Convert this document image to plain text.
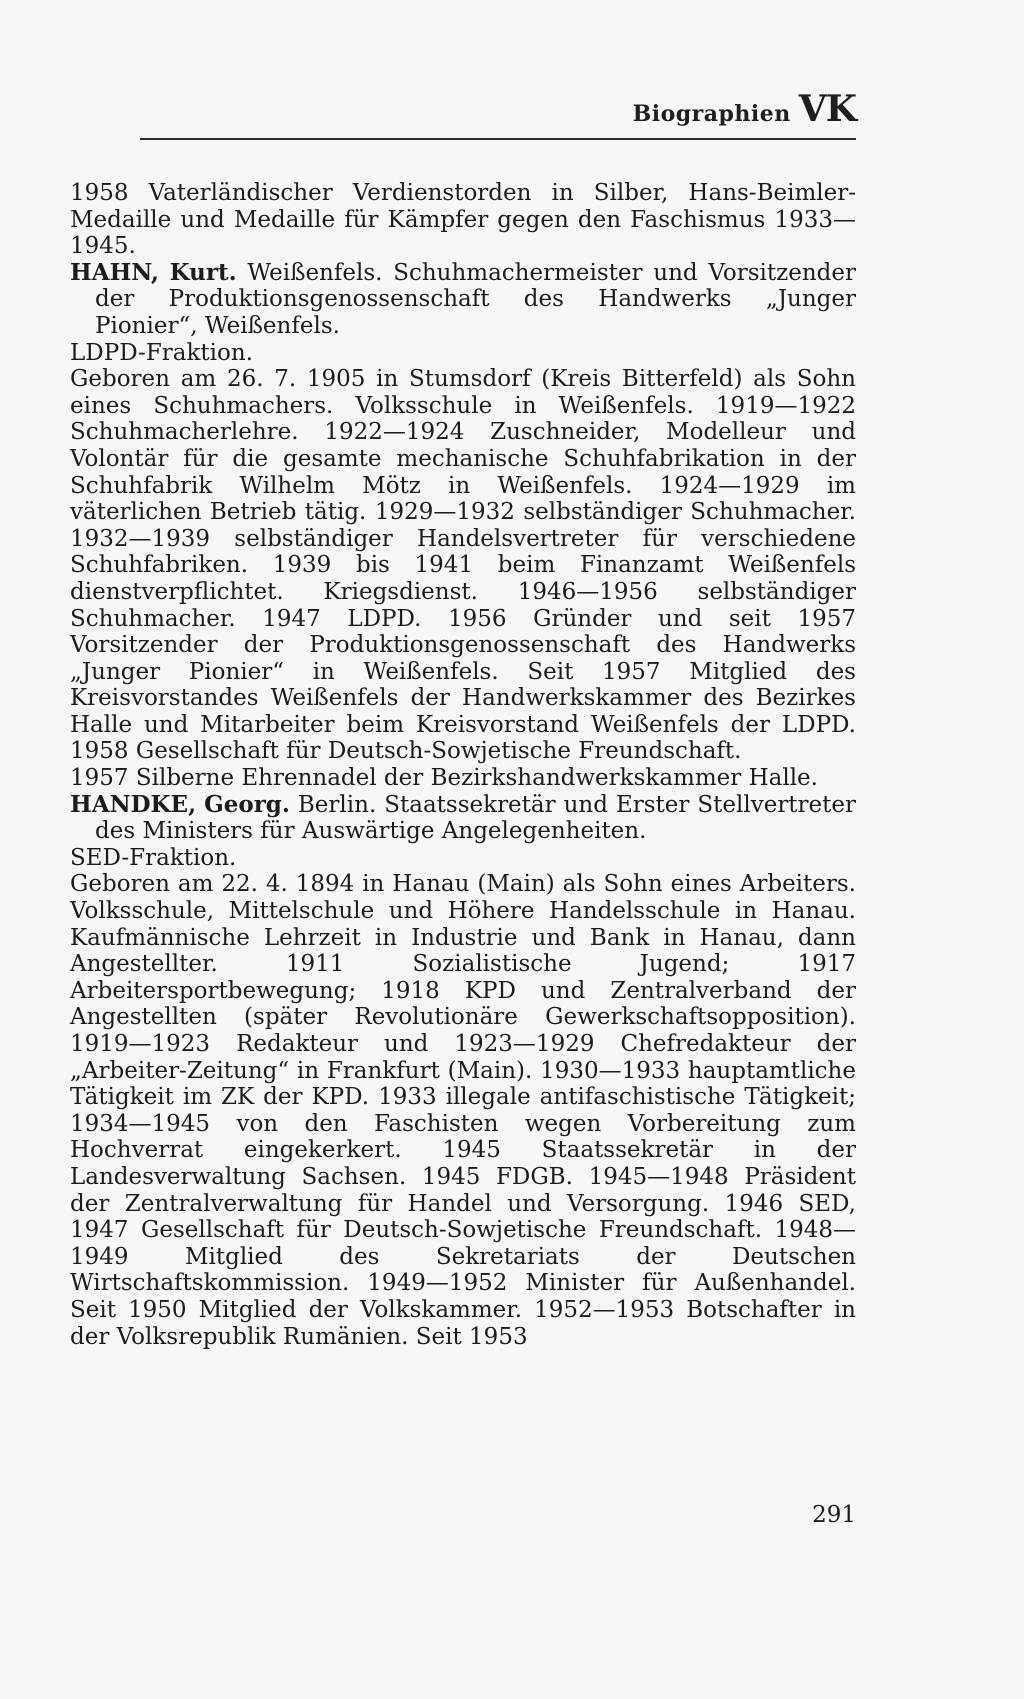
Biographien VK

1958 Vaterländischer Verdienstorden in Silber, Hans-Beimler-Medaille und Medaille für Kämpfer gegen den Faschismus 1933—1945.

HAHN, Kurt. Weißenfels. Schuhmachermeister und Vorsitzender der Produktionsgenossenschaft des Handwerks „Junger Pionier“, Weißenfels.

LDPD-Fraktion.

Geboren am 26. 7. 1905 in Stumsdorf (Kreis Bitterfeld) als Sohn eines Schuhmachers. Volksschule in Weißenfels. 1919—1922 Schuhmacherlehre. 1922—1924 Zuschneider, Modelleur und Volontär für die gesamte mechanische Schuhfabrikation in der Schuhfabrik Wilhelm Mötz in Weißenfels. 1924—1929 im väterlichen Betrieb tätig. 1929—1932 selbständiger Schuhmacher. 1932—1939 selbständiger Handelsvertreter für verschiedene Schuhfabriken. 1939 bis 1941 beim Finanzamt Weißenfels dienstverpflichtet. Kriegsdienst. 1946—1956 selbständiger Schuhmacher. 1947 LDPD. 1956 Gründer und seit 1957 Vorsitzender der Produktionsgenossenschaft des Handwerks „Junger Pionier“ in Weißenfels. Seit 1957 Mitglied des Kreisvorstandes Weißenfels der Handwerkskammer des Bezirkes Halle und Mitarbeiter beim Kreisvorstand Weißenfels der LDPD. 1958 Gesellschaft für Deutsch-Sowjetische Freundschaft.

1957 Silberne Ehrennadel der Bezirkshandwerkskammer Halle.

HANDKE, Georg. Berlin. Staatssekretär und Erster Stellvertreter des Ministers für Auswärtige Angelegenheiten.

SED-Fraktion.

Geboren am 22. 4. 1894 in Hanau (Main) als Sohn eines Arbeiters. Volksschule, Mittelschule und Höhere Handelsschule in Hanau. Kaufmännische Lehrzeit in Industrie und Bank in Hanau, dann Angestellter. 1911 Sozialistische Jugend; 1917 Arbeitersportbewegung; 1918 KPD und Zentralverband der Angestellten (später Revolutionäre Gewerkschaftsopposition). 1919—1923 Redakteur und 1923—1929 Chefredakteur der „Arbeiter-Zeitung“ in Frankfurt (Main). 1930—1933 hauptamtliche Tätigkeit im ZK der KPD. 1933 illegale antifaschistische Tätigkeit; 1934—1945 von den Faschisten wegen Vorbereitung zum Hochverrat eingekerkert. 1945 Staatssekretär in der Landesverwaltung Sachsen. 1945 FDGB. 1945—1948 Präsident der Zentralverwaltung für Handel und Versorgung. 1946 SED, 1947 Gesellschaft für Deutsch-Sowjetische Freundschaft. 1948—1949 Mitglied des Sekretariats der Deutschen Wirtschaftskommission. 1949—1952 Minister für Außenhandel. Seit 1950 Mitglied der Volkskammer. 1952—1953 Botschafter in der Volksrepublik Rumänien. Seit 1953

291
